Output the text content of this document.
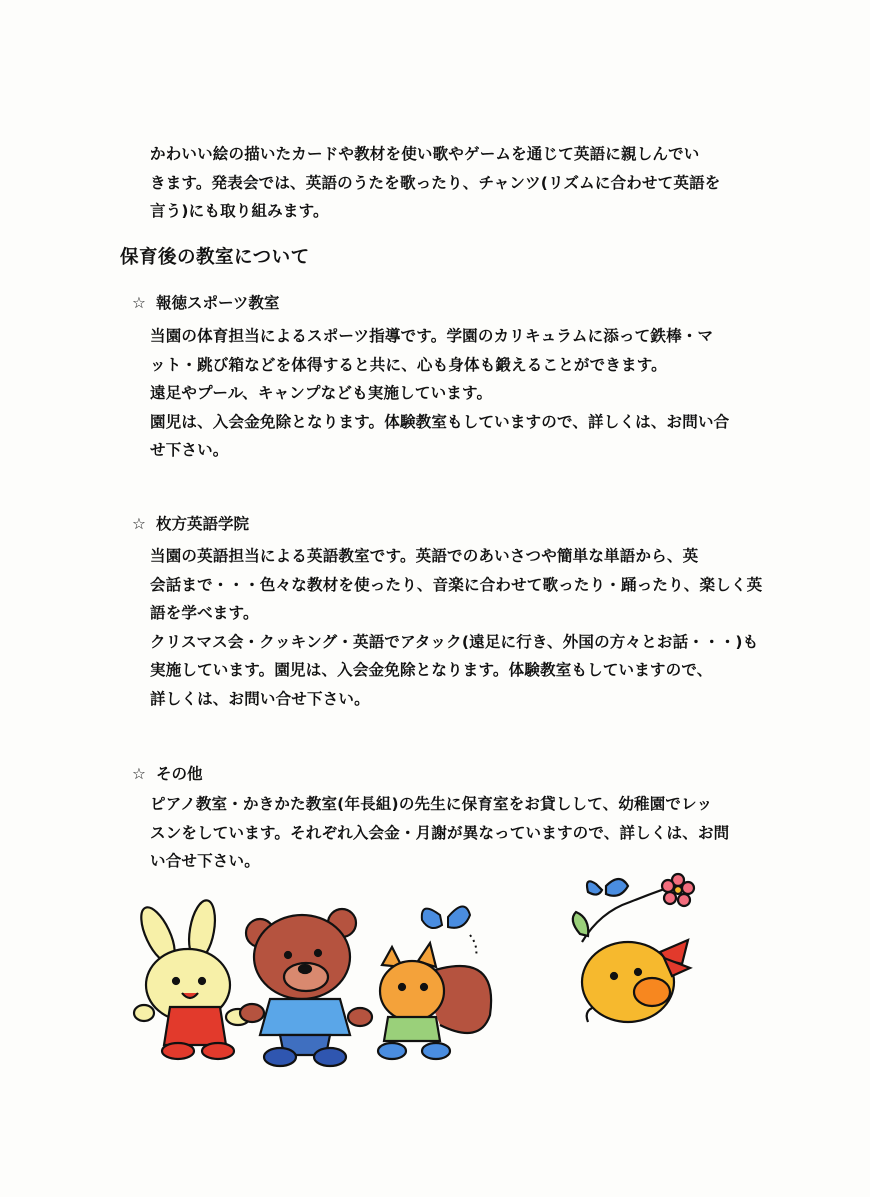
かわいい絵の描いたカードや教材を使い歌やゲームを通じて英語に親しんでい
きます。発表会では、英語のうたを歌ったり、チャンツ(リズムに合わせて英語を
言う)にも取り組みます。
保育後の教室について
☆ 報徳スポーツ教室
当園の体育担当によるスポーツ指導です。学園のカリキュラムに添って鉄棒・マ
ット・跳び箱などを体得すると共に、心も身体も鍛えることができます。
遠足やプール、キャンプなども実施しています。
園児は、入会金免除となります。体験教室もしていますので、詳しくは、お問い合
せ下さい。
☆ 枚方英語学院
当園の英語担当による英語教室です。英語でのあいさつや簡単な単語から、英
会話まで・・・色々な教材を使ったり、音楽に合わせて歌ったり・踊ったり、楽しく英
語を学べます。
クリスマス会・クッキング・英語でアタック(遠足に行き、外国の方々とお話・・・)も
実施しています。園児は、入会金免除となります。体験教室もしていますので、
詳しくは、お問い合せ下さい。
☆ その他
ピアノ教室・かきかた教室(年長組)の先生に保育室をお貸しして、幼稚園でレッ
スンをしています。それぞれ入会金・月謝が異なっていますので、詳しくは、お問
い合せ下さい。
